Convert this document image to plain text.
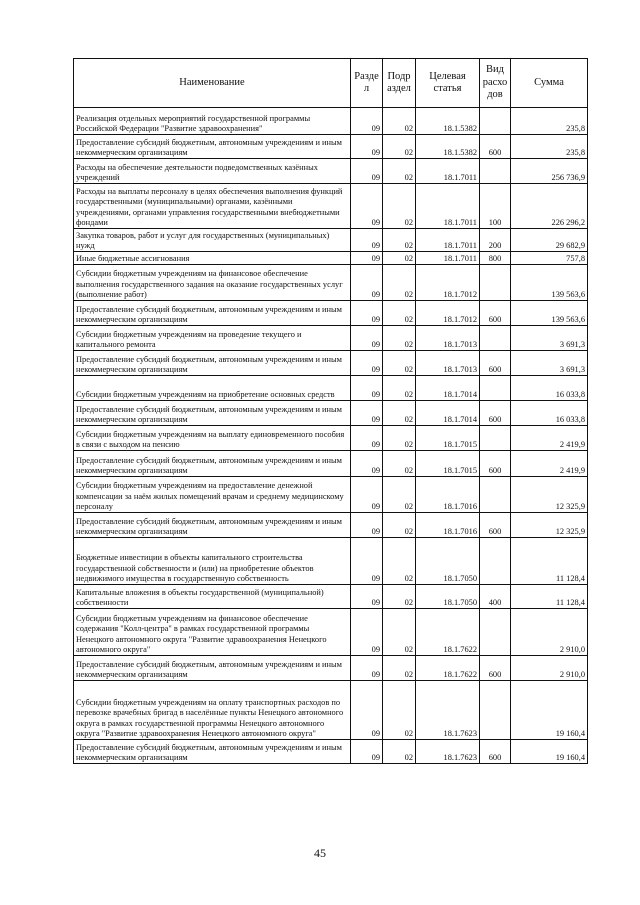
Наименование	Разде л	Подр аздел	Целевая статья	Вид расхо дов	Сумма
Реализация отдельных мероприятий государственной программы Российской Федерации "Развитие здравоохранения"	09	02	18.1.5382		235,8
Предоставление субсидий бюджетным, автономным учреждениям и иным некоммерческим организациям	09	02	18.1.5382	600	235,8
Расходы на обеспечение деятельности подведомственных казённых учреждений	09	02	18.1.7011		256 736,9
Расходы на выплаты персоналу в целях обеспечения выполнения функций государственными (муниципальными) органами, казёнными учреждениями, органами управления государственными внебюджетными фондами	09	02	18.1.7011	100	226 296,2
Закупка товаров, работ и услуг для государственных (муниципальных) нужд	09	02	18.1.7011	200	29 682,9
Иные бюджетные ассигнования	09	02	18.1.7011	800	757,8
Субсидии бюджетным учреждениям на финансовое обеспечение выполнения государственного задания на оказание государственных услуг (выполнение работ)	09	02	18.1.7012		139 563,6
Предоставление субсидий бюджетным, автономным учреждениям и иным некоммерческим организациям	09	02	18.1.7012	600	139 563,6
Субсидии бюджетным учреждениям на проведение текущего и капитального ремонта	09	02	18.1.7013		3 691,3
Предоставление субсидий бюджетным, автономным учреждениям и иным некоммерческим организациям	09	02	18.1.7013	600	3 691,3
Субсидии бюджетным учреждениям на приобретение основных средств	09	02	18.1.7014		16 033,8
Предоставление субсидий бюджетным, автономным учреждениям и иным некоммерческим организациям	09	02	18.1.7014	600	16 033,8
Субсидии бюджетным учреждениям на выплату единовременного пособия в связи с выходом на пенсию	09	02	18.1.7015		2 419,9
Предоставление субсидий бюджетным, автономным учреждениям и иным некоммерческим организациям	09	02	18.1.7015	600	2 419,9
Субсидии бюджетным учреждениям на предоставление денежной компенсации за наём жилых помещений врачам и среднему медицинскому персоналу	09	02	18.1.7016		12 325,9
Предоставление субсидий бюджетным, автономным учреждениям и иным некоммерческим организациям	09	02	18.1.7016	600	12 325,9
Бюджетные инвестиции в объекты капитального строительства государственной собственности и (или) на приобретение объектов недвижимого имущества в государственную собственность	09	02	18.1.7050		11 128,4
Капитальные вложения в объекты государственной (муниципальной) собственности	09	02	18.1.7050	400	11 128,4
Субсидии бюджетным учреждениям на финансовое обеспечение содержания "Колл-центра" в рамках государственной программы Ненецкого автономного округа "Развитие здравоохранения Ненецкого автономного округа"	09	02	18.1.7622		2 910,0
Предоставление субсидий бюджетным, автономным учреждениям и иным некоммерческим организациям	09	02	18.1.7622	600	2 910,0
Субсидии бюджетным учреждениям на оплату транспортных расходов по перевозке врачебных бригад в населённые пункты Ненецкого автономного округа в рамках государственной программы Ненецкого автономного округа "Развитие здравоохранения Ненецкого автономного округа"	09	02	18.1.7623		19 160,4
Предоставление субсидий бюджетным, автономным учреждениям и иным некоммерческим организациям	09	02	18.1.7623	600	19 160,4
45
